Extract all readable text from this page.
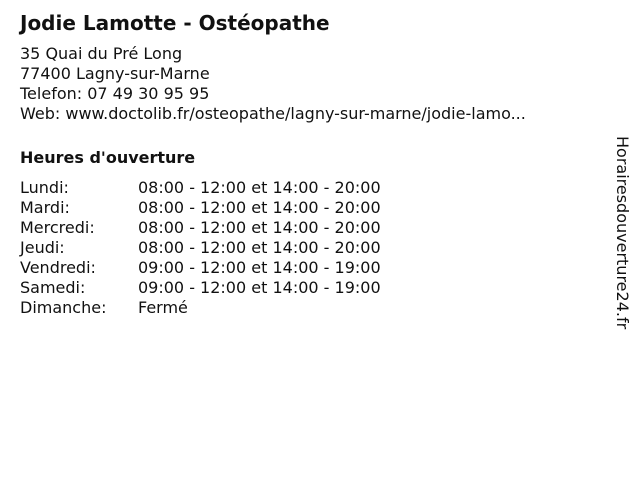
Jodie Lamotte - Ostéopathe
35 Quai du Pré Long
77400 Lagny-sur-Marne
Telefon: 07 49 30 95 95
Web: www.doctolib.fr/osteopathe/lagny-sur-marne/jodie-lamo...
Heures d'ouverture
Lundi:	08:00 - 12:00 et 14:00 - 20:00
Mardi:	08:00 - 12:00 et 14:00 - 20:00
Mercredi:	08:00 - 12:00 et 14:00 - 20:00
Jeudi:	08:00 - 12:00 et 14:00 - 20:00
Vendredi:	09:00 - 12:00 et 14:00 - 19:00
Samedi:	09:00 - 12:00 et 14:00 - 19:00
Dimanche:	Fermé	Horairesdouverture24.fr
